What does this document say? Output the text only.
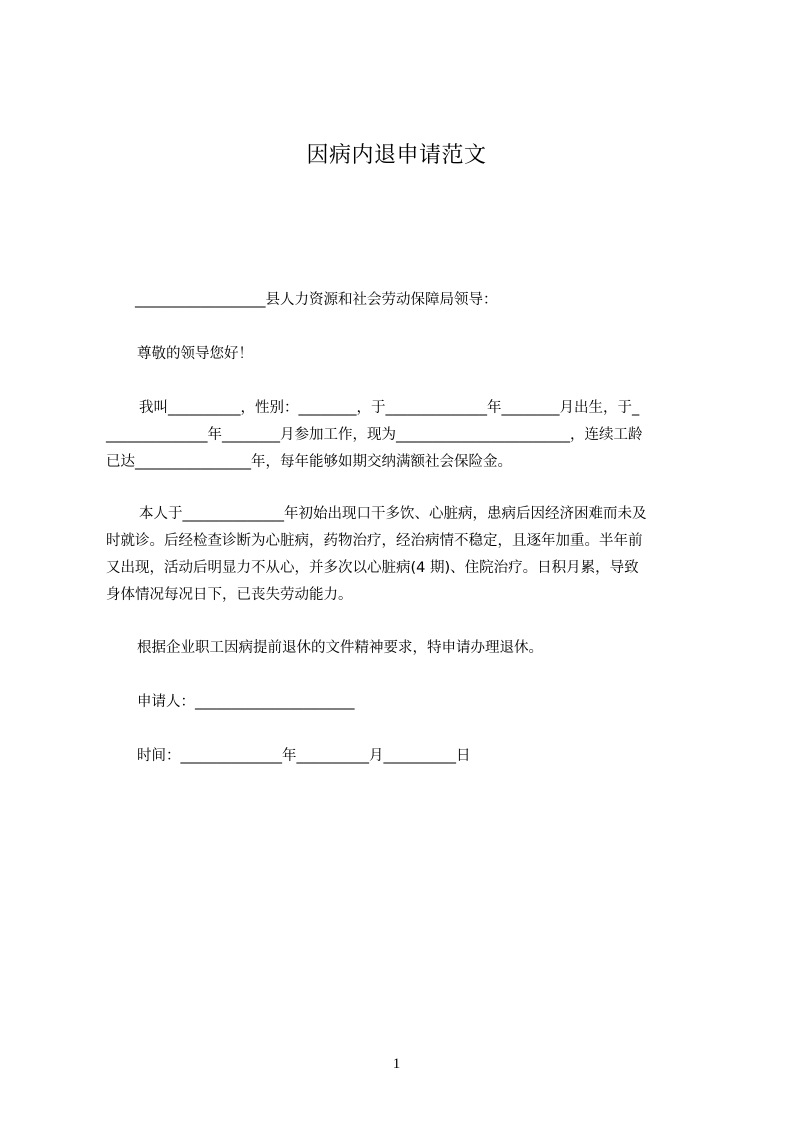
因病内退申请范文
__________________县人力资源和社会劳动保障局领导：
尊敬的领导您好！
我叫__________，性别：________，于______________年________月出生，于_
______________年________月参加工作，现为________________________，连续工龄
已达________________年，每年能够如期交纳满额社会保险金。
本人于______________年初始出现口干多饮、心脏病，患病后因经济困难而未及
时就诊。后经检查诊断为心脏病，药物治疗，经治病情不稳定，且逐年加重。半年前
又出现，活动后明显力不从心，并多次以心脏病(4 期)、住院治疗。日积月累，导致
身体情况每况日下，已丧失劳动能力。
根据企业职工因病提前退休的文件精神要求，特申请办理退休。
申请人：______________________
时间：______________年__________月__________日
1
